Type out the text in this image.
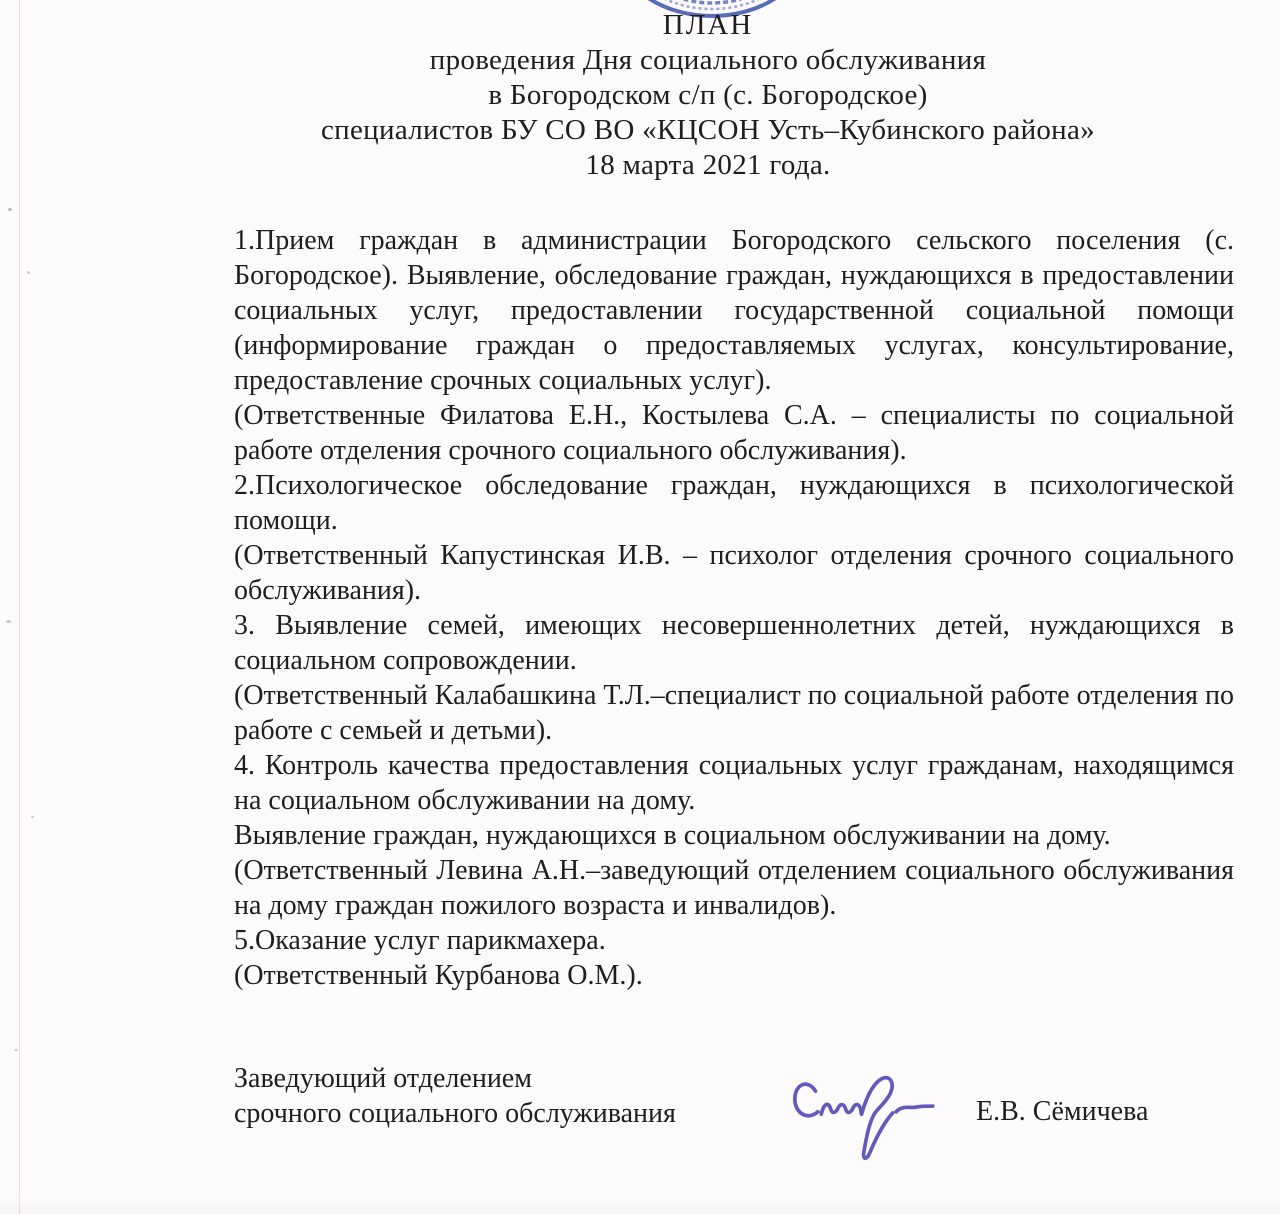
ПЛАН
проведения Дня социального обслуживания
в Богородском с/п (с. Богородское)
специалистов БУ СО ВО «КЦСОН Усть–Кубинского района»
18 марта 2021 года.

1.Прием граждан в администрации Богородского сельского поселения (с. Богородское). Выявление, обследование граждан, нуждающихся в предоставлении социальных услуг, предоставлении государственной социальной помощи (информирование граждан о предоставляемых услугах, консультирование, предоставление срочных социальных услуг).

(Ответственные Филатова Е.Н., Костылева С.А. – специалисты по социальной работе отделения срочного социального обслуживания).

2.Психологическое обследование граждан, нуждающихся в психологической помощи.

(Ответственный Капустинская И.В. – психолог отделения срочного социального обслуживания).

3. Выявление семей, имеющих несовершеннолетних детей, нуждающихся в социальном сопровождении.

(Ответственный Калабашкина Т.Л.–специалист по социальной работе отделения по работе с семьей и детьми).

4. Контроль качества предоставления социальных услуг гражданам, находящимся на социальном обслуживании на дому.

Выявление граждан, нуждающихся в социальном обслуживании на дому.

(Ответственный Левина А.Н.–заведующий отделением социального обслуживания на дому граждан пожилого возраста и инвалидов).

5.Оказание услуг парикмахера.

(Ответственный Курбанова О.М.).

Заведующий отделением
срочного социального обслуживания	Е.В. Сёмичева
